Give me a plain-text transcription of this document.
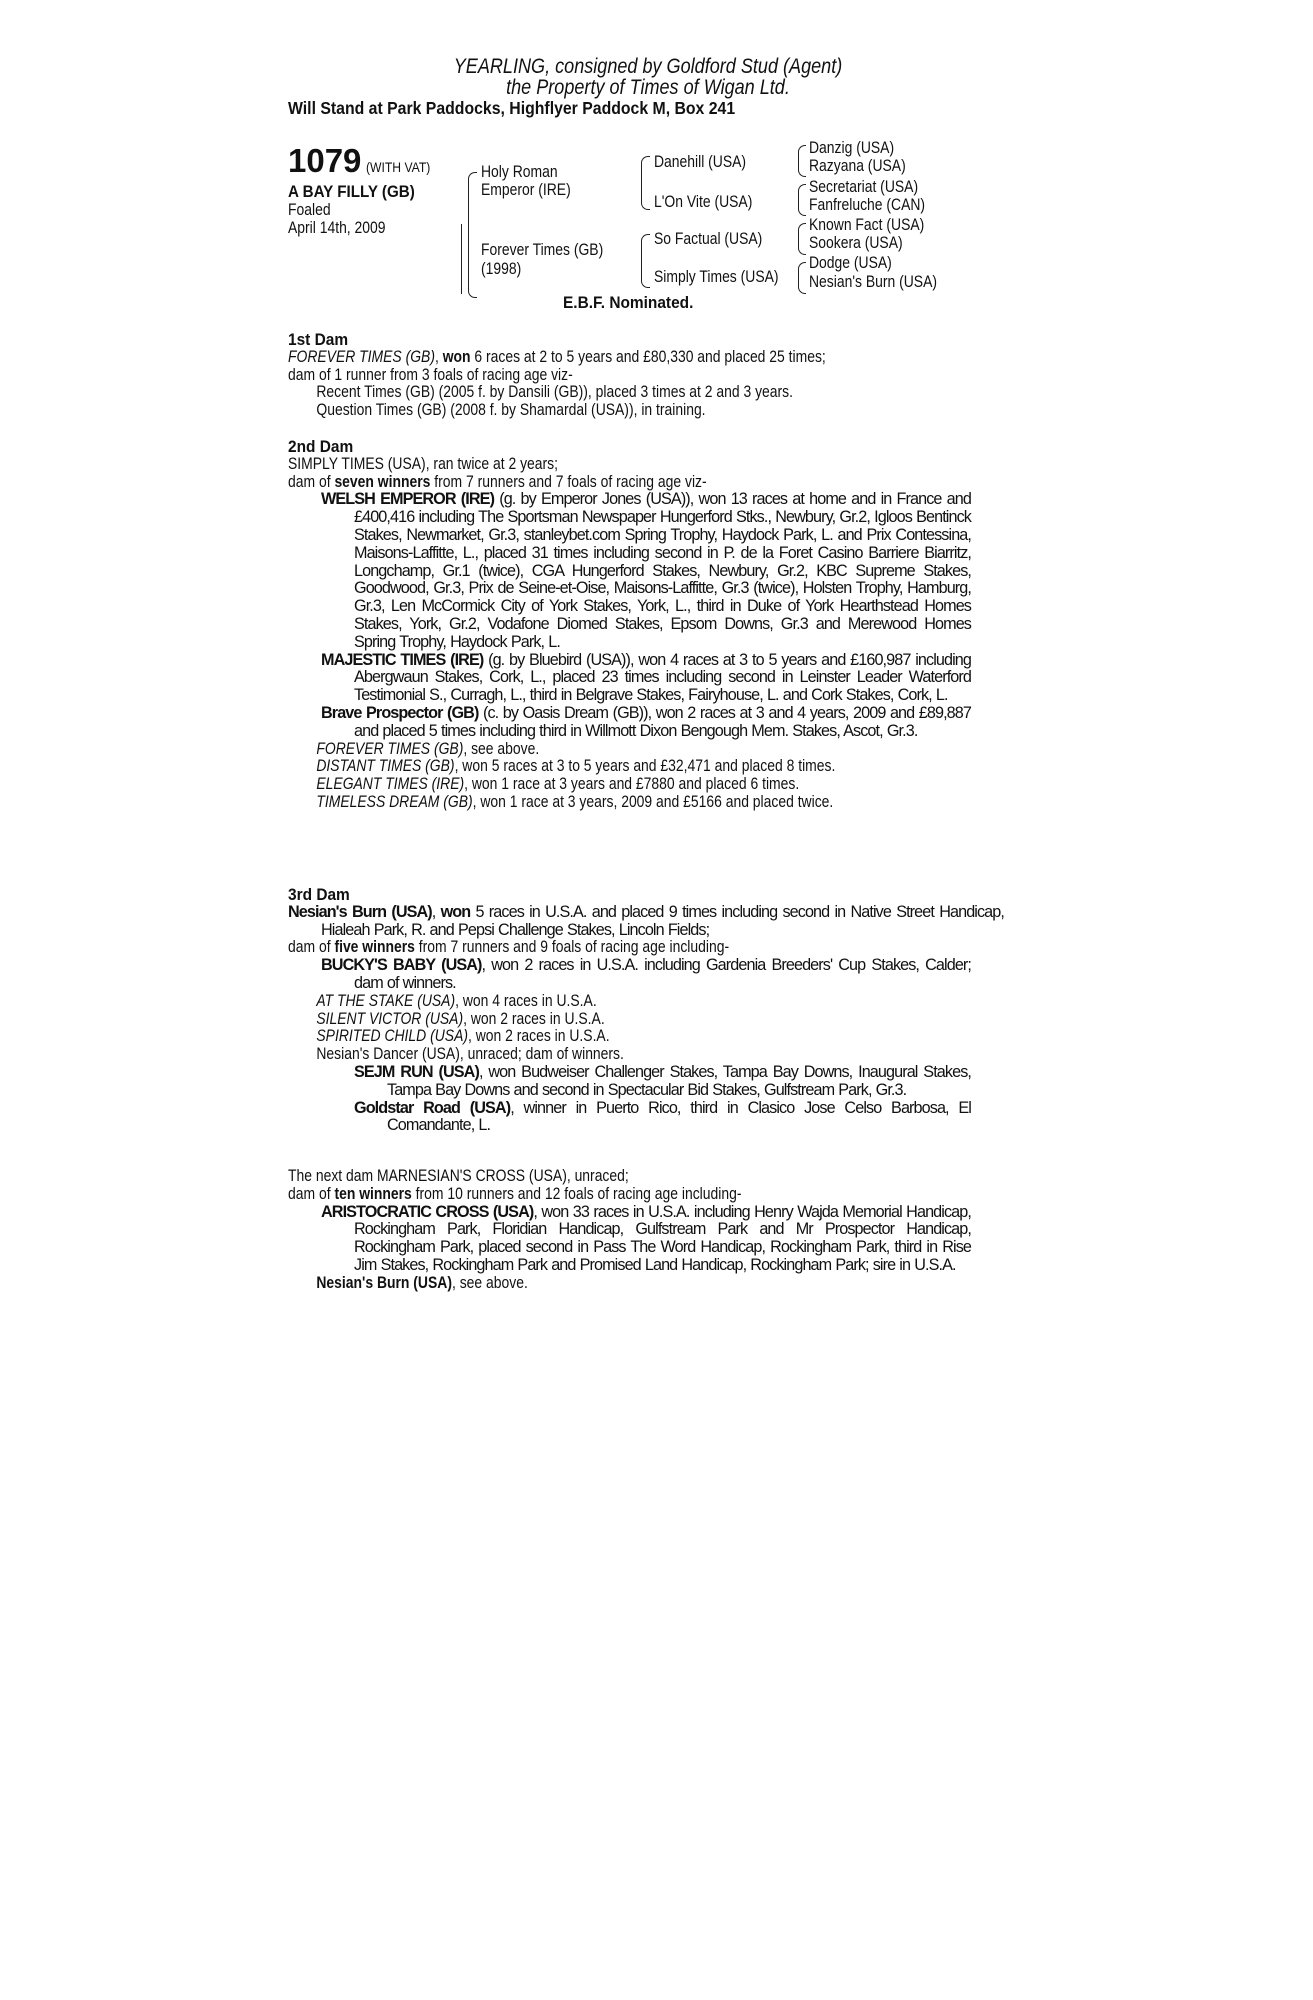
YEARLING, consigned by Goldford Stud (Agent)
the Property of Times of Wigan Ltd.
Will Stand at Park Paddocks, Highflyer Paddock M, Box 241
1079 (WITH VAT)
A BAY FILLY (GB)
Foaled
April 14th, 2009
Holy Roman
Emperor (IRE)
Forever Times (GB)
(1998)
Danehill (USA)
L'On Vite (USA)
So Factual (USA)
Simply Times (USA)
Danzig (USA)
Razyana (USA)
Secretariat (USA)
Fanfreluche (CAN)
Known Fact (USA)
Sookera (USA)
Dodge (USA)
Nesian's Burn (USA)
E.B.F. Nominated.
1st Dam
FOREVER TIMES (GB), won 6 races at 2 to 5 years and £80,330 and placed 25 times;
dam of 1 runner from 3 foals of racing age viz-
Recent Times (GB) (2005 f. by Dansili (GB)), placed 3 times at 2 and 3 years.
Question Times (GB) (2008 f. by Shamardal (USA)), in training.
2nd Dam
SIMPLY TIMES (USA), ran twice at 2 years;
dam of seven winners from 7 runners and 7 foals of racing age viz-
WELSH EMPEROR (IRE) (g. by Emperor Jones (USA)), won 13 races at home and in France and £400,416 including The Sportsman Newspaper Hungerford Stks., Newbury, Gr.2, Igloos Bentinck Stakes, Newmarket, Gr.3, stanleybet.com Spring Trophy, Haydock Park, L. and Prix Contessina, Maisons-Laffitte, L., placed 31 times including second in P. de la Foret Casino Barriere Biarritz, Longchamp, Gr.1 (twice), CGA Hungerford Stakes, Newbury, Gr.2, KBC Supreme Stakes, Goodwood, Gr.3, Prix de Seine-et-Oise, Maisons-Laffitte, Gr.3 (twice), Holsten Trophy, Hamburg, Gr.3, Len McCormick City of York Stakes, York, L., third in Duke of York Hearthstead Homes Stakes, York, Gr.2, Vodafone Diomed Stakes, Epsom Downs, Gr.3 and Merewood Homes Spring Trophy, Haydock Park, L.
MAJESTIC TIMES (IRE) (g. by Bluebird (USA)), won 4 races at 3 to 5 years and £160,987 including Abergwaun Stakes, Cork, L., placed 23 times including second in Leinster Leader Waterford Testimonial S., Curragh, L., third in Belgrave Stakes, Fairyhouse, L. and Cork Stakes, Cork, L.
Brave Prospector (GB) (c. by Oasis Dream (GB)), won 2 races at 3 and 4 years, 2009 and £89,887 and placed 5 times including third in Willmott Dixon Bengough Mem. Stakes, Ascot, Gr.3.
FOREVER TIMES (GB), see above.
DISTANT TIMES (GB), won 5 races at 3 to 5 years and £32,471 and placed 8 times.
ELEGANT TIMES (IRE), won 1 race at 3 years and £7880 and placed 6 times.
TIMELESS DREAM (GB), won 1 race at 3 years, 2009 and £5166 and placed twice.
3rd Dam
Nesian's Burn (USA), won 5 races in U.S.A. and placed 9 times including second in Native Street Handicap, Hialeah Park, R. and Pepsi Challenge Stakes, Lincoln Fields;
dam of five winners from 7 runners and 9 foals of racing age including-
BUCKY'S BABY (USA), won 2 races in U.S.A. including Gardenia Breeders' Cup Stakes, Calder; dam of winners.
AT THE STAKE (USA), won 4 races in U.S.A.
SILENT VICTOR (USA), won 2 races in U.S.A.
SPIRITED CHILD (USA), won 2 races in U.S.A.
Nesian's Dancer (USA), unraced; dam of winners.
SEJM RUN (USA), won Budweiser Challenger Stakes, Tampa Bay Downs, Inaugural Stakes, Tampa Bay Downs and second in Spectacular Bid Stakes, Gulfstream Park, Gr.3.
Goldstar Road (USA), winner in Puerto Rico, third in Clasico Jose Celso Barbosa, El Comandante, L.
The next dam MARNESIAN'S CROSS (USA), unraced;
dam of ten winners from 10 runners and 12 foals of racing age including-
ARISTOCRATIC CROSS (USA), won 33 races in U.S.A. including Henry Wajda Memorial Handicap, Rockingham Park, Floridian Handicap, Gulfstream Park and Mr Prospector Handicap, Rockingham Park, placed second in Pass The Word Handicap, Rockingham Park, third in Rise Jim Stakes, Rockingham Park and Promised Land Handicap, Rockingham Park; sire in U.S.A.
Nesian's Burn (USA), see above.
